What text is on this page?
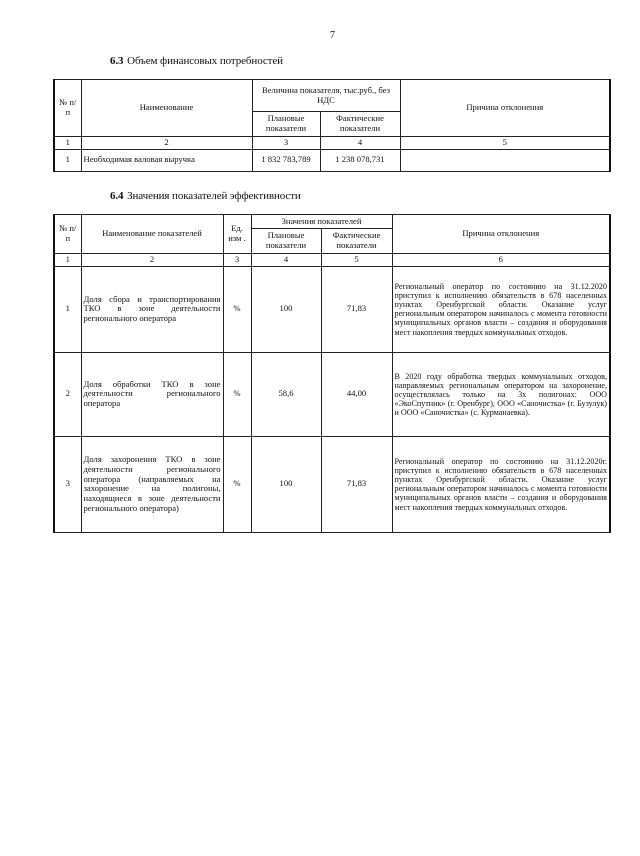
7
6.3 Объем финансовых потребностей
№ п/п	Наименование	Величина показателя, тыс.руб., без НДС		Причина отклонения
		Плановые показатели	Фактические показатели	
1	2	3	4	5
1	Необходимая валовая выручка	1 832 783,789	1 238 078,731	
6.4 Значения показателей эффективности
№ п/п	Наименование показателей	Ед. изм .	Значения показателей		Причина отклонения
			Плановые показатели	Фактические показатели	
1	2	3	4	5	6
1	Доля сбора и транспортирования ТКО в зоне деятельности регионального оператора	%	100	71,83	Региональный оператор по состоянию на 31.12.2020 приступил к исполнению обязательств в 678 населенных пунктах Оренбургской области. Оказание услуг региональным оператором начиналось с момента готовности муниципальных органов власти – создания и оборудования мест накопления твердых коммунальных отходов.
2	Доля обработки ТКО в зоне деятельности регионального оператора	%	58,6	44,00	В 2020 году обработка твердых коммунальных отходов, направляемых региональным оператором на захоронение, осуществлялась только на 3х полигонах: ООО «ЭкоСпутник» (г. Оренбург), ООО «Саночистка» (г. Бузулук) и ООО «Саночистка» (с. Курманаевка).
3	Доля захоронения ТКО в зоне деятельности регионального оператора (направляемых на захоронение на полигоны, находящиеся в зоне деятельности регионального оператора)	%	100	71,83	Региональный оператор по состоянию на 31.12.2020г. приступил к исполнению обязательств в 678 населенных пунктах Оренбургской области. Оказание услуг региональным оператором начиналось с момента готовности муниципальных органов власти – создания и оборудования мест накопления твердых коммунальных отходов.
